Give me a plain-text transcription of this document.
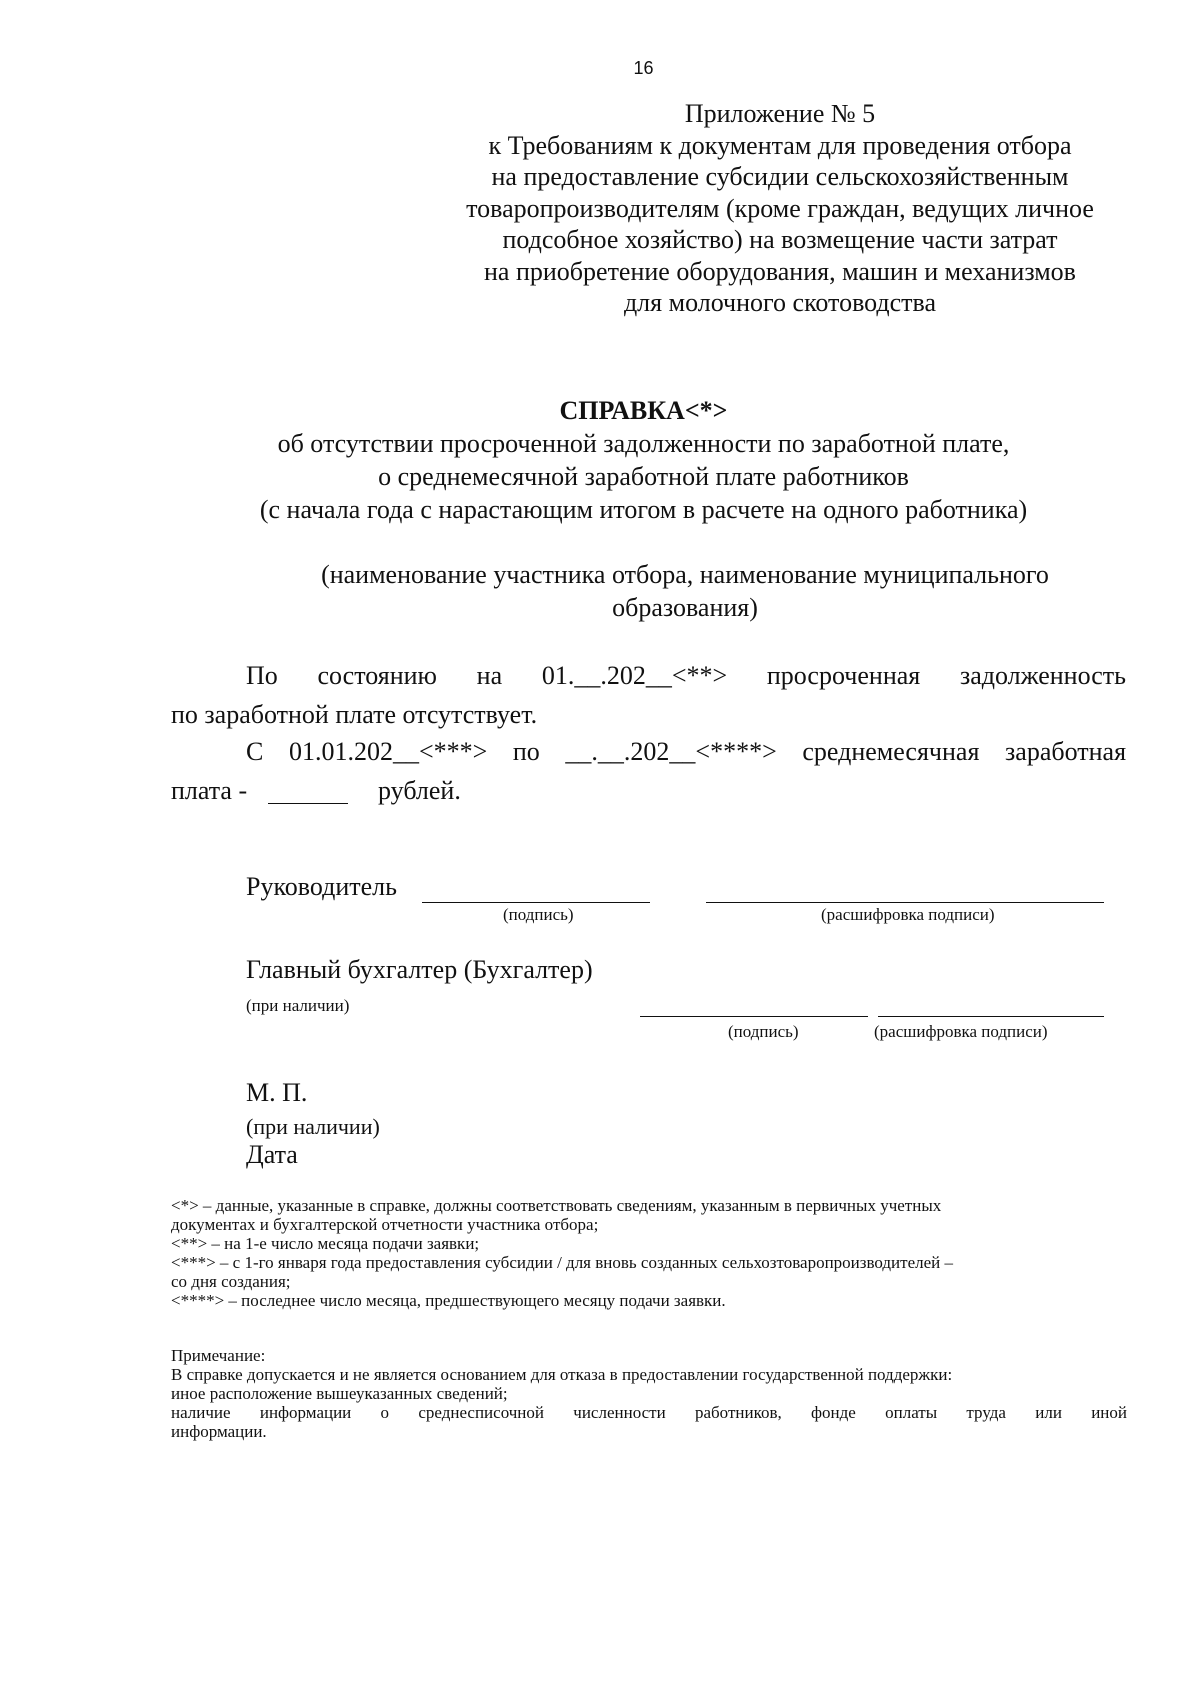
16
Приложение № 5
к Требованиям к документам для проведения отбора
на предоставление субсидии сельскохозяйственным
товаропроизводителям (кроме граждан, ведущих личное
подсобное хозяйство) на возмещение части затрат
на приобретение оборудования, машин и механизмов
для молочного скотоводства
СПРАВКА<*>
об отсутствии просроченной задолженности по заработной плате,
о среднемесячной заработной плате работников
(с начала года с нарастающим итогом в расчете на одного работника)
(наименование участника отбора, наименование муниципального
образования)
По состоянию на 01.__.202__<**> просроченная задолженность
по заработной плате отсутствует.
С 01.01.202__<***> по __.__.202__<****> среднемесячная заработная
плата -	рублей.
Руководитель
(подпись)	(расшифровка подписи)
Главный бухгалтер (Бухгалтер)
(при наличии)
(подпись)	(расшифровка подписи)
М. П.
(при наличии)
Дата
<*> – данные, указанные в справке, должны соответствовать сведениям, указанным в первичных учетных
документах и бухгалтерской отчетности участника отбора;
<**> – на 1-е число месяца подачи заявки;
<***> – с 1-го января года предоставления субсидии / для вновь созданных сельхозтоваропроизводителей –
со дня создания;
<****> – последнее число месяца, предшествующего месяцу подачи заявки.
Примечание:
В справке допускается и не является основанием для отказа в предоставлении государственной поддержки:
иное расположение вышеуказанных сведений;
наличие информации о среднесписочной численности работников, фонде оплаты труда или иной
информации.
